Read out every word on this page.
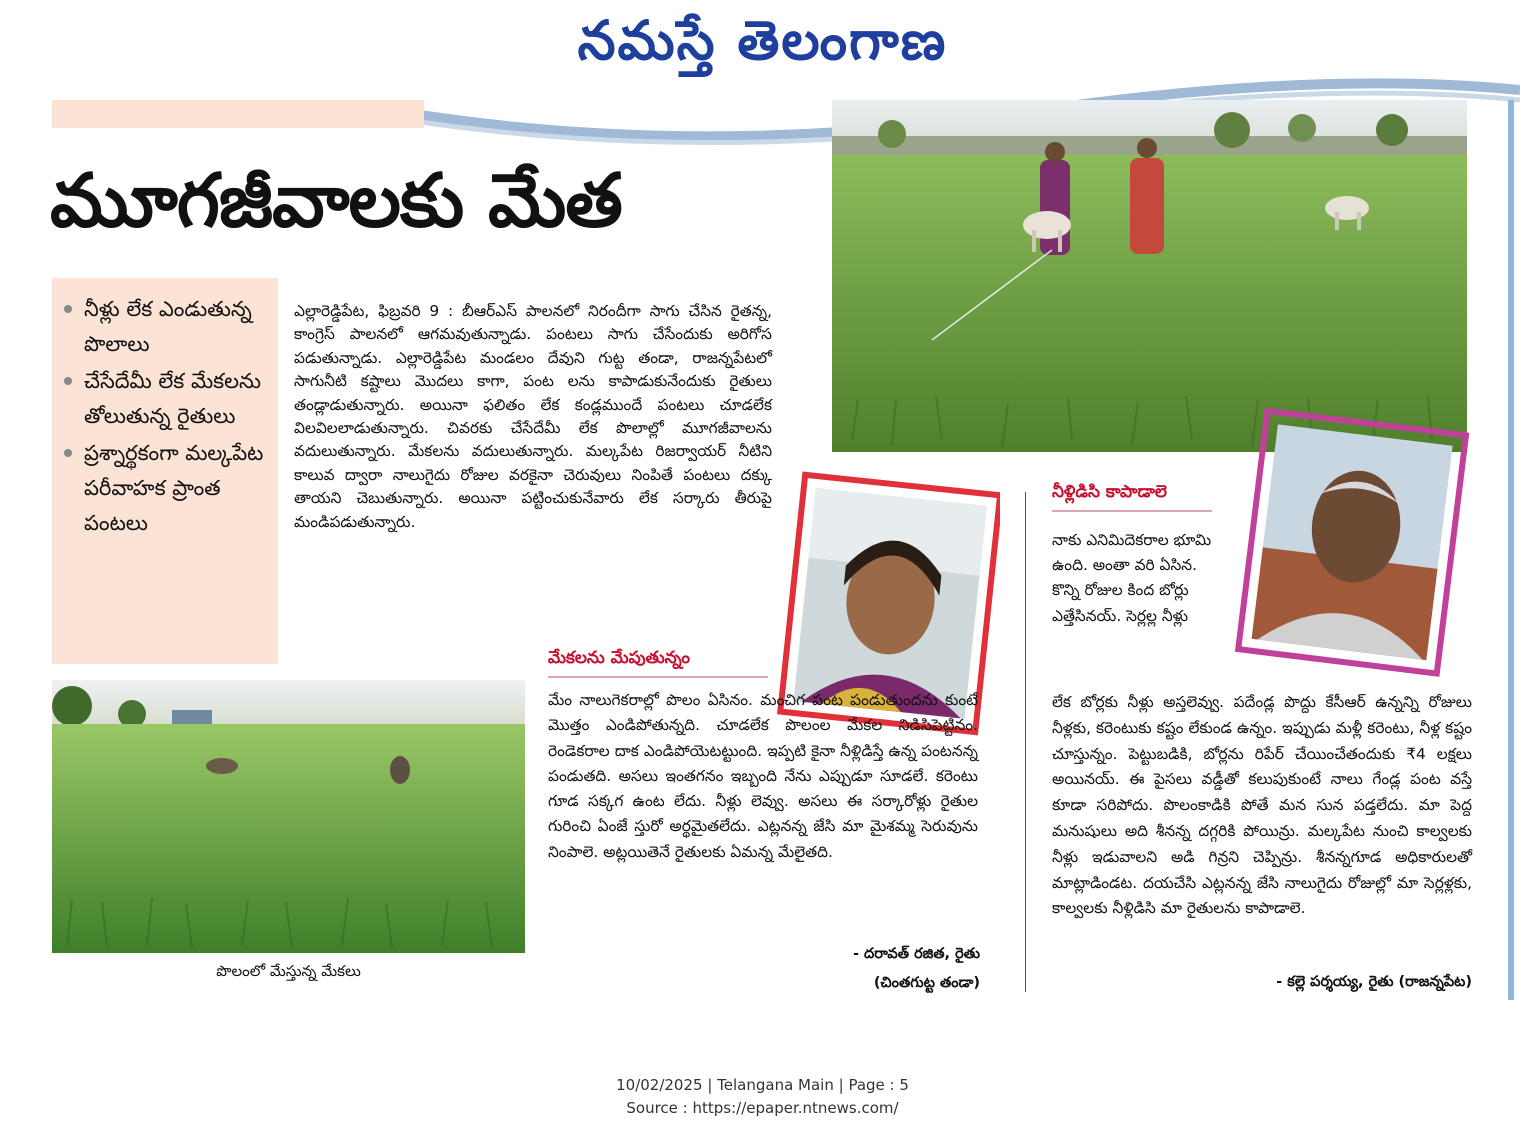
నమస్తే తెలంగాణ
మూగజీవాలకు మేత
నీళ్లు లేక ఎండుతున్న పొలాలు
చేసేదేమీ లేక మేకలను తోలుతున్న రైతులు
ప్రశ్నార్థకంగా మల్కపేట పరీవాహక ప్రాంత పంటలు
ఎల్లారెడ్డిపేట, ఫిబ్రవరి 9 : బీఆర్ఎస్ పాలనలో నిరందీగా సాగు చేసిన రైతన్న, కాంగ్రెస్ పాలనలో ఆగమవుతున్నాడు. పంటలు సాగు చేసేందుకు అరిగోస పడుతున్నాడు. ఎల్లారెడ్డిపేట మండలం దేవుని గుట్ట తండా, రాజన్నపేటలో సాగునీటి కష్టాలు మొదలు కాగా, పంట లను కాపాడుకునేందుకు రైతులు తండ్లాడుతున్నారు. అయినా ఫలితం లేక కండ్లముందే పంటలు చూడలేక విలవిలలాడుతున్నారు. చివరకు చేసేదేమీ లేక పొలాల్లో మూగజీవాలను వదులుతున్నారు. మేకలను వదులుతున్నారు. మల్కపేట రిజర్వాయర్ నీటిని కాలువ ద్వారా నాలుగైదు రోజుల వరకైనా చెరువులు నింపితే పంటలు దక్కు తాయని చెబుతున్నారు. అయినా పట్టించుకునేవారు లేక సర్కారు తీరుపై మండిపడుతున్నారు.
పొలంలో మేస్తున్న మేకలు
మేకలను మేపుతున్నం
మేం నాలుగెకరాల్లో పొలం ఏసినం. మంచిగ పంట పండుతుందను కుంటే మొత్తం ఎండిపోతున్నది. చూడలేక పొలంల మేకల నిడిసిపెట్టినం. రెండెకరాల దాక ఎండిపోయెటట్టుంది. ఇప్పటి కైనా నీళ్లిడిస్తే ఉన్న పంటనన్న పండుతది. అసలు ఇంతగనం ఇబ్బంది నేను ఎప్పుడూ సూడలే. కరెంటు గూడ సక్కగ ఉంట లేదు. నీళ్లు లెవ్వు. అసలు ఈ సర్కారోళ్లు రైతుల గురించి ఏంజే స్తురో అర్థమైతలేదు. ఎట్లనన్న జేసి మా మైశమ్మ సెరువును నింపాలె. అట్లయితెనే రైతులకు ఏమన్న మేలైతది.
- దరావత్ రజిత, రైతు
(చింతగుట్ట తండా)
నీళ్లిడిసి కాపాడాలె
నాకు ఎనిమిదెకరాల భూమి ఉంది. అంతా వరి ఏసిన. కొన్ని రోజుల కింద బోర్లు ఎత్తేసినయ్. సెర్లల్ల నీళ్లు
లేక బోర్లకు నీళ్లు అస్తలెవ్వు. పదేండ్ల పొద్దు కేసీఆర్ ఉన్నన్ని రోజులు నీళ్లకు, కరెంటుకు కష్టం లేకుండ ఉన్నం. ఇప్పుడు మళ్లీ కరెంటు, నీళ్ల కష్టం చూస్తున్నం. పెట్టుబడికి, బోర్లను రిపేర్ చేయించేతందుకు ₹4 లక్షలు అయినయ్. ఈ పైసలు వడ్డీతో కలుపుకుంటే నాలు గేండ్ల పంట వస్తే కూడా సరిపోదు. పొలంకాడికి పోతే మన సున పడ్తలేదు. మా పెద్ద మనుషులు అది శీనన్న దగ్గరికి పోయిన్రు. మల్కపేట నుంచి కాల్వలకు నీళ్లు ఇడువాలని అడి గిన్రని చెప్పిన్రు. శీనన్నగూడ అధికారులతో మాట్లాడిండట. దయచేసి ఎట్లనన్న జేసి నాలుగైదు రోజుల్లో మా సెర్లళ్లకు, కాల్వలకు నీళ్లిడిసి మా రైతులను కాపాడాలె.
- కల్లె పర్శయ్య, రైతు (రాజన్నపేట)
10/02/2025 | Telangana Main | Page : 5
Source : https://epaper.ntnews.com/
